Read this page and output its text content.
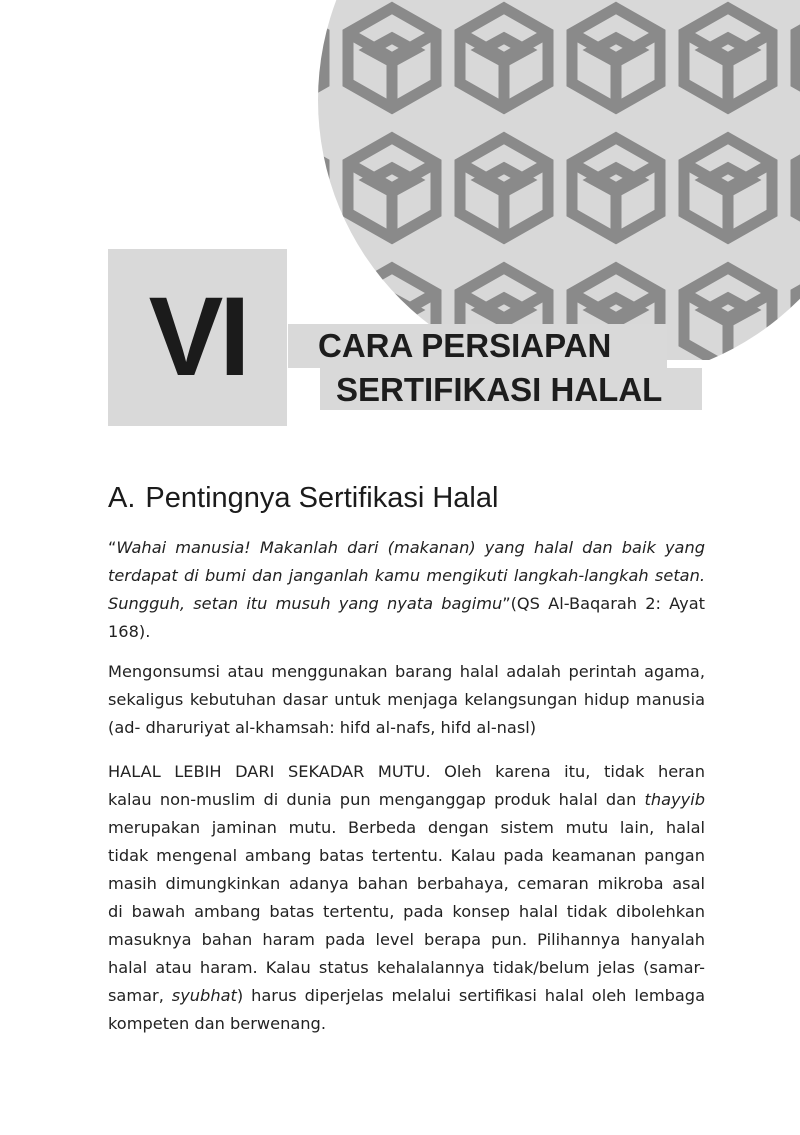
VI	CARA PERSIAPAN
SERTIFIKASI HALAL
A. Pentingnya Sertifikasi Halal
“Wahai manusia! Makanlah dari (makanan) yang halal dan baik yang
terdapat di bumi dan janganlah kamu mengikuti langkah-langkah setan.
Sungguh, setan itu musuh yang nyata bagimu”(QS Al-Baqarah 2: Ayat
168).
Mengonsumsi atau menggunakan barang halal adalah perintah agama,
sekaligus kebutuhan dasar untuk menjaga kelangsungan hidup manusia
(ad- dharuriyat al-khamsah: hifd al-nafs, hifd al-nasl)
HALAL LEBIH DARI SEKADAR MUTU. Oleh karena itu, tidak heran
kalau non-muslim di dunia pun menganggap produk halal dan thayyib
merupakan jaminan mutu. Berbeda dengan sistem mutu lain, halal
tidak mengenal ambang batas tertentu. Kalau pada keamanan pangan
masih dimungkinkan adanya bahan berbahaya, cemaran mikroba asal
di bawah ambang batas tertentu, pada konsep halal tidak dibolehkan
masuknya bahan haram pada level berapa pun. Pilihannya hanyalah
halal atau haram. Kalau status kehalalannya tidak/belum jelas (samar-
samar, syubhat) harus diperjelas melalui sertifikasi halal oleh lembaga
kompeten dan berwenang.
